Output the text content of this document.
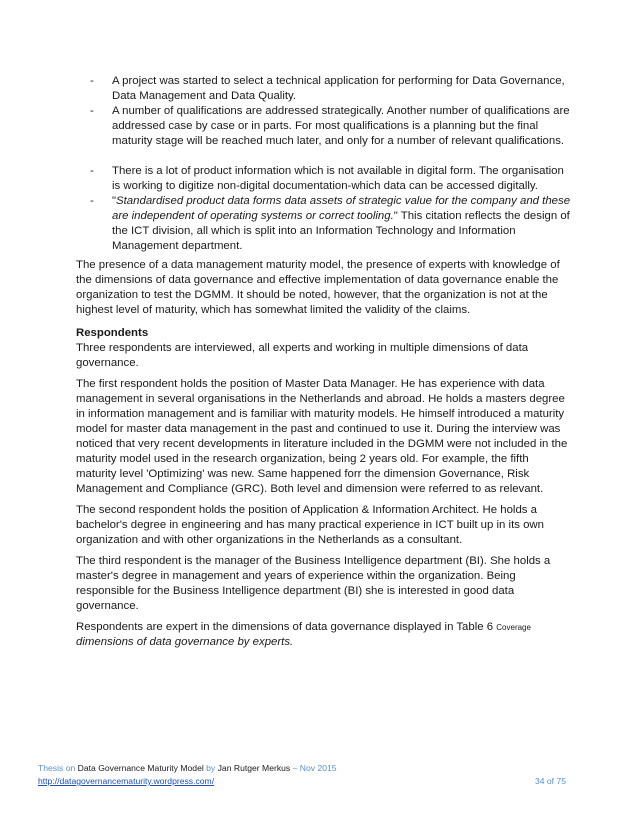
- A project was started to select a technical application for performing for Data Governance, Data Management and Data Quality.
- A number of qualifications are addressed strategically. Another number of qualifications are addressed case by case or in parts. For most qualifications is a planning but the final maturity stage will be reached much later, and only for a number of relevant qualifications.
- There is a lot of product information which is not available in digital form. The organisation is working to digitize non-digital documentation-which data can be accessed digitally.
- "Standardised product data forms data assets of strategic value for the company and these are independent of operating systems or correct tooling." This citation reflects the design of the ICT division, all which is split into an Information Technology and Information Management department.

The presence of a data management maturity model, the presence of experts with knowledge of the dimensions of data governance and effective implementation of data governance enable the organization to test the DGMM. It should be noted, however, that the organization is not at the highest level of maturity, which has somewhat limited the validity of the claims.

Respondents

Three respondents are interviewed, all experts and working in multiple dimensions of data governance.

The first respondent holds the position of Master Data Manager. He has experience with data management in several organisations in the Netherlands and abroad. He holds a masters degree in information management and is familiar with maturity models. He himself introduced a maturity model for master data management in the past and continued to use it. During the interview was noticed that very recent developments in literature included in the DGMM were not included in the maturity model used in the research organization, being 2 years old. For example, the fifth maturity level 'Optimizing' was new. Same happened forr the dimension Governance, Risk Management and Compliance (GRC). Both level and dimension were referred to as relevant.

The second respondent holds the position of Application & Information Architect. He holds a bachelor's degree in engineering and has many practical experience in ICT built up in its own organization and with other organizations in the Netherlands as a consultant.

The third respondent is the manager of the Business Intelligence department (BI). She holds a master's degree in management and years of experience within the organization. Being responsible for the Business Intelligence department (BI) she is interested in good data governance.

Respondents are expert in the dimensions of data governance displayed in Table 6 Coverage
dimensions of data governance by experts.

Thesis on Data Governance Maturity Model by Jan Rutger Merkus – Nov 2015
http://datagovernancematurity.wordpress.com/	34 of 75
